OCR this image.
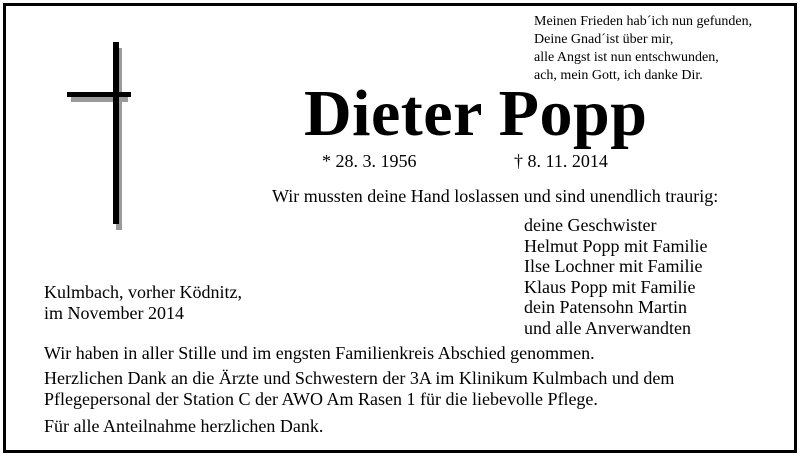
Meinen Frieden hab´ich nun gefunden,
Deine Gnad´ist über mir,
alle Angst ist nun entschwunden,
ach, mein Gott, ich danke Dir.
Dieter Popp
* 28. 3. 1956	† 8. 11. 2014
Wir mussten deine Hand loslassen und sind unendlich traurig:
deine Geschwister
Helmut Popp mit Familie
Ilse Lochner mit Familie
Klaus Popp mit Familie
dein Patensohn Martin
und alle Anverwandten
Kulmbach, vorher Ködnitz,
im November 2014
Wir haben in aller Stille und im engsten Familienkreis Abschied genommen.
Herzlichen Dank an die Ärzte und Schwestern der 3A im Klinikum Kulmbach und dem
Pflegepersonal der Station C der AWO Am Rasen 1 für die liebevolle Pflege.
Für alle Anteilnahme herzlichen Dank.
